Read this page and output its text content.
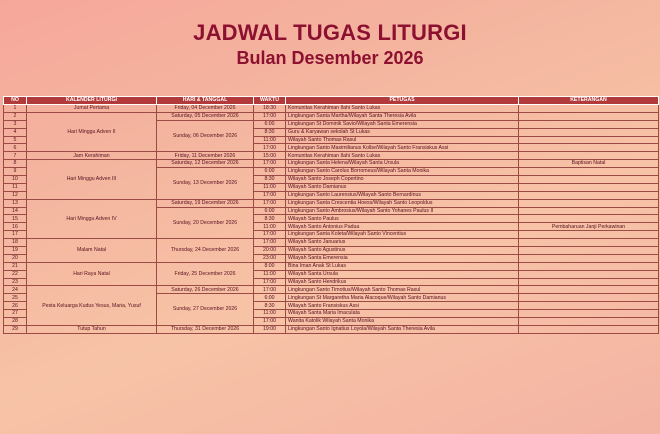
JADWAL TUGAS LITURGI
Bulan Desember 2026
NO	KALENDER LITURGI	HARI & TANGGAL	WAKTU	PETUGAS	KETERANGAN
1	Jumat Pertama	Friday, 04 December 2026	18:30	Komunitas Kerahiman Ilahi Santo Lukas	
2	Hari Minggu Adven II	Saturday, 05 December 2026	17:00	Lingkungan Santa Martha/Wilayah Santa Theresia Avila	
3		Sunday, 06 December 2026	6:00	Lingkungan St Dominik Savio/Wilayah Santa Emerensia	
4			8:30	Guru & Karyawan sekolah St Lukas	
5			11:00	Wilayah Santo Thomas Rasul	
6			17:00	Lingkungan Santo Maximilianus Kolbe/Wilayah Santo Fransiskus Assi	
7	Jam Kerahiman	Friday, 11 December 2026	15:00	Komunitas Kerahiman Ilahi Santo Lukas	
8	Hari Minggu Adven III	Saturday, 12 December 2026	17:00	Lingkungan Santa Helena/Wilayah Santa Ursula	Baptisan Natal
9		Sunday, 13 December 2026	6:00	Lingkungan Santo Carolus Borromeus/Wilayah Santa Monika	
10			8:30	Wilayah Santo Joseph Copertino	
11			11:00	Wilayah Santo Damianus	
12			17:00	Lingkungan Santo Laurensius/Wilayah Santo Bernardinus	
13	Hari Minggu Adven IV	Saturday, 19 December 2026	17:00	Lingkungan Santa Crescentia Hoess/Wilayah Santo Leopoldus	
14		Sunday, 20 December 2026	6:00	Lingkungan Santo Ambrosius/Wilayah Santo Yohanes Paulus II	
15			8:30	Wilayah Santo Paulus	
16			11:00	Wilayah Santo Antonius Padua	Pembaharuan Janji Perkawinan
17			17:00	Lingkungan Santa Koleta/Wilayah Santo Vincentius	
18	Malam Natal	Thursday, 24 December 2026	17:00	Wilayah Santo Januarius	
19			20:00	Wilayah Santo Agustinus	
20			23:00	Wilayah Santa Emerensia	
21	Hari Raya Natal	Friday, 25 December 2026	8:00	Bina Iman Anak St Lukas	
22			11:00	Wilayah Santa Ursula	
23			17:00	Wilayah Santo Hendrikus	
24	Pesta Keluarga Kudus Yesus, Maria, Yusuf	Saturday, 26 December 2026	17:00	Lingkungan Santo Timotius/Wilayah Santo Thomas Rasul	
25		Sunday, 27 December 2026	6:00	Lingkungan St Margaretha Maria Alacoque/Wilayah Santo Damianus	
26			8:30	Wilayah Santo Fransiskus Assi	
27			11:00	Wilayah Santa Maria Imaculata	
28			17:00	Wanita Katolik Wilayah Santa Monika	
29	Tutup Tahun	Thursday, 31 December 2026	19:00	Lingkungan Santo Ignatius Loyola/Wilayah Santa Theresia Avila	
